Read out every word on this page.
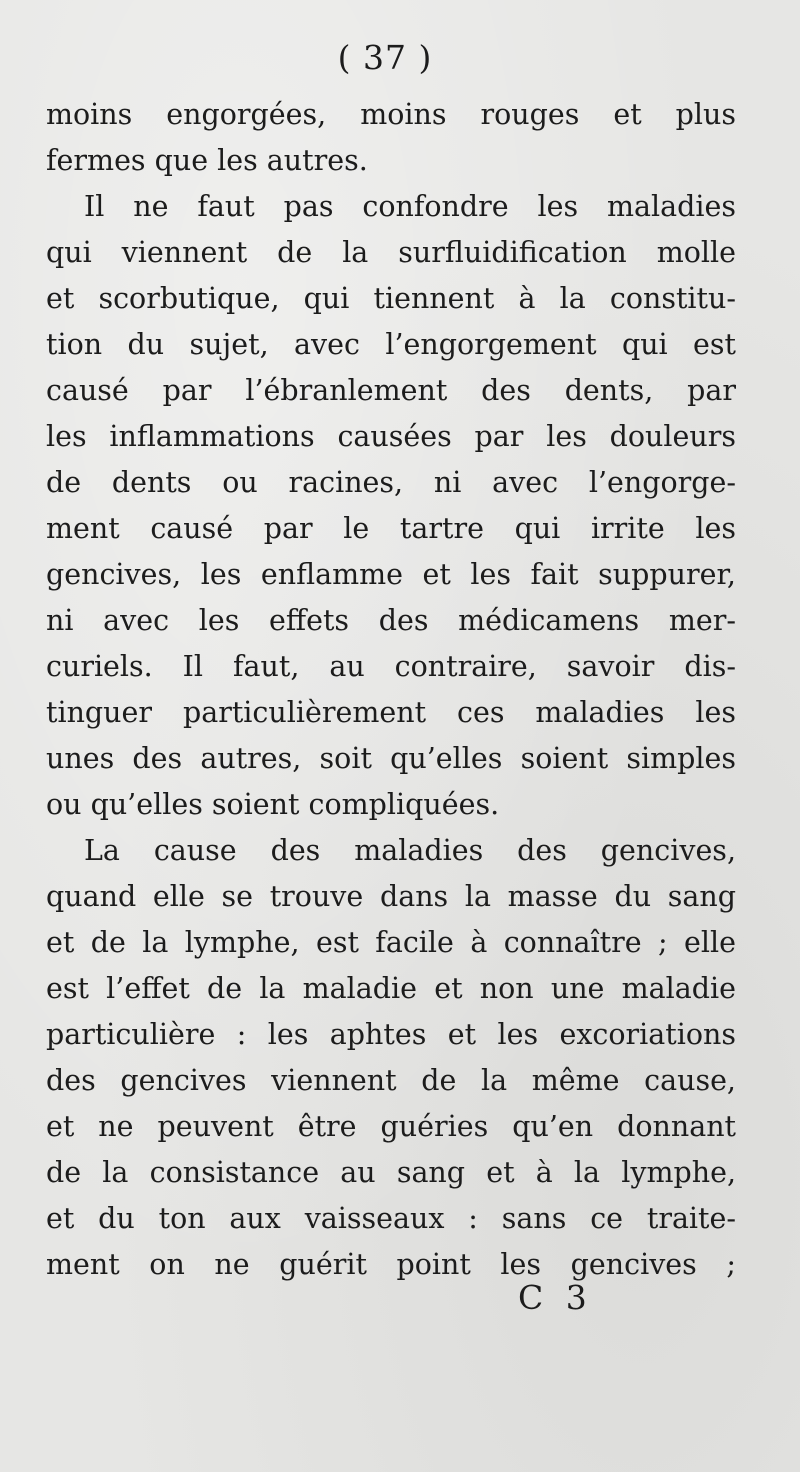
( 37 )
moins engorgées, moins rouges et plus
fermes que les autres.
Il ne faut pas confondre les maladies
qui viennent de la surfluidification molle
et scorbutique, qui tiennent à la constitu-
tion du sujet, avec l’engorgement qui est
causé par l’ébranlement des dents, par
les inflammations causées par les douleurs
de dents ou racines, ni avec l’engorge-
ment causé par le tartre qui irrite les
gencives, les enflamme et les fait suppurer,
ni avec les effets des médicamens mer-
curiels. Il faut, au contraire, savoir dis-
tinguer particulièrement ces maladies les
unes des autres, soit qu’elles soient simples
ou qu’elles soient compliquées.
La cause des maladies des gencives,
quand elle se trouve dans la masse du sang
et de la lymphe, est facile à connaître ; elle
est l’effet de la maladie et non une maladie
particulière : les aphtes et les excoriations
des gencives viennent de la même cause,
et ne peuvent être guéries qu’en donnant
de la consistance au sang et à la lymphe,
et du ton aux vaisseaux : sans ce traite-
ment on ne guérit point les gencives ;
C 3
